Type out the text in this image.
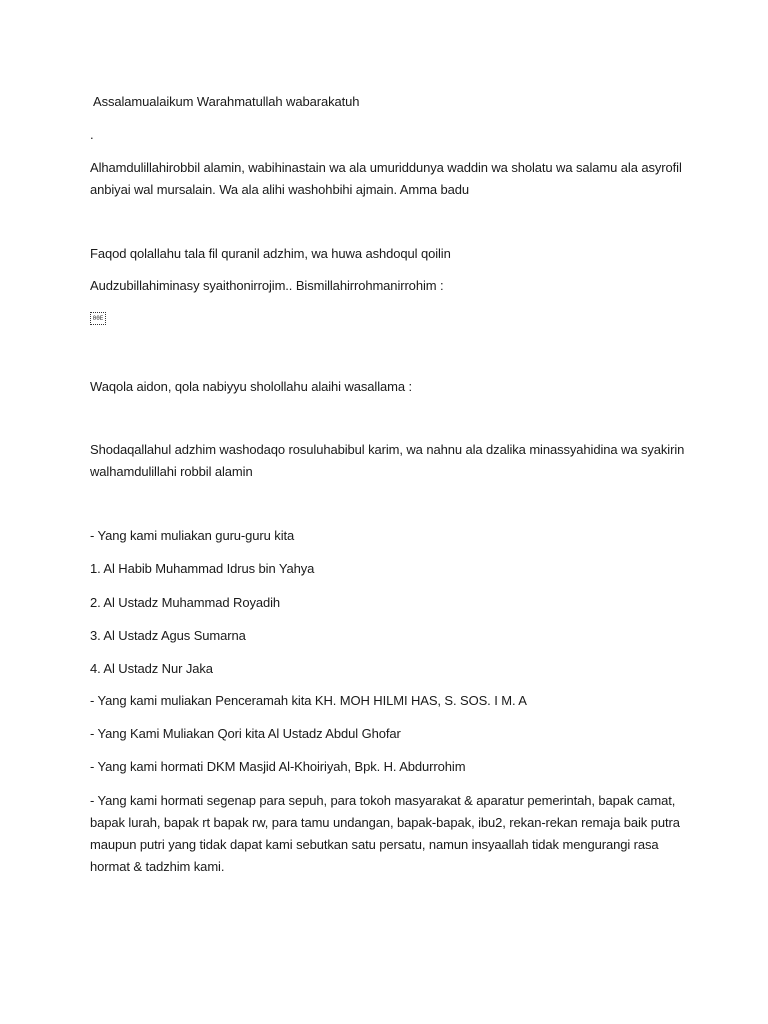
Assalamualaikum Warahmatullah wabarakatuh
.
Alhamdulillahirobbil alamin, wabihinastain wa ala umuriddunya waddin wa sholatu wa salamu ala asyrofil anbiyai wal mursalain. Wa ala alihi washohbihi ajmain. Amma badu
Faqod qolallahu tala fil quranil adzhim, wa huwa ashdoqul qoilin
Audzubillahiminasy syaithonirrojim.. Bismillahirrohmanirrohim :
00E
Waqola aidon, qola nabiyyu sholollahu alaihi wasallama :
Shodaqallahul adzhim washodaqo rosuluhabibul karim, wa nahnu ala dzalika minassyahidina wa syakirin walhamdulillahi robbil alamin
- Yang kami muliakan guru-guru kita
1. Al Habib Muhammad Idrus bin Yahya
2. Al Ustadz Muhammad Royadih
3. Al Ustadz Agus Sumarna
4. Al Ustadz Nur Jaka
- Yang kami muliakan Penceramah kita KH. MOH HILMI HAS, S. SOS. I M. A
- Yang Kami Muliakan Qori kita Al Ustadz Abdul Ghofar
- Yang kami hormati DKM Masjid Al-Khoiriyah, Bpk. H. Abdurrohim
- Yang kami hormati segenap para sepuh, para tokoh masyarakat & aparatur pemerintah, bapak camat, bapak lurah, bapak rt bapak rw, para tamu undangan, bapak-bapak, ibu2, rekan-rekan remaja baik putra maupun putri yang tidak dapat kami sebutkan satu persatu, namun insyaallah tidak mengurangi rasa hormat & tadzhim kami.
